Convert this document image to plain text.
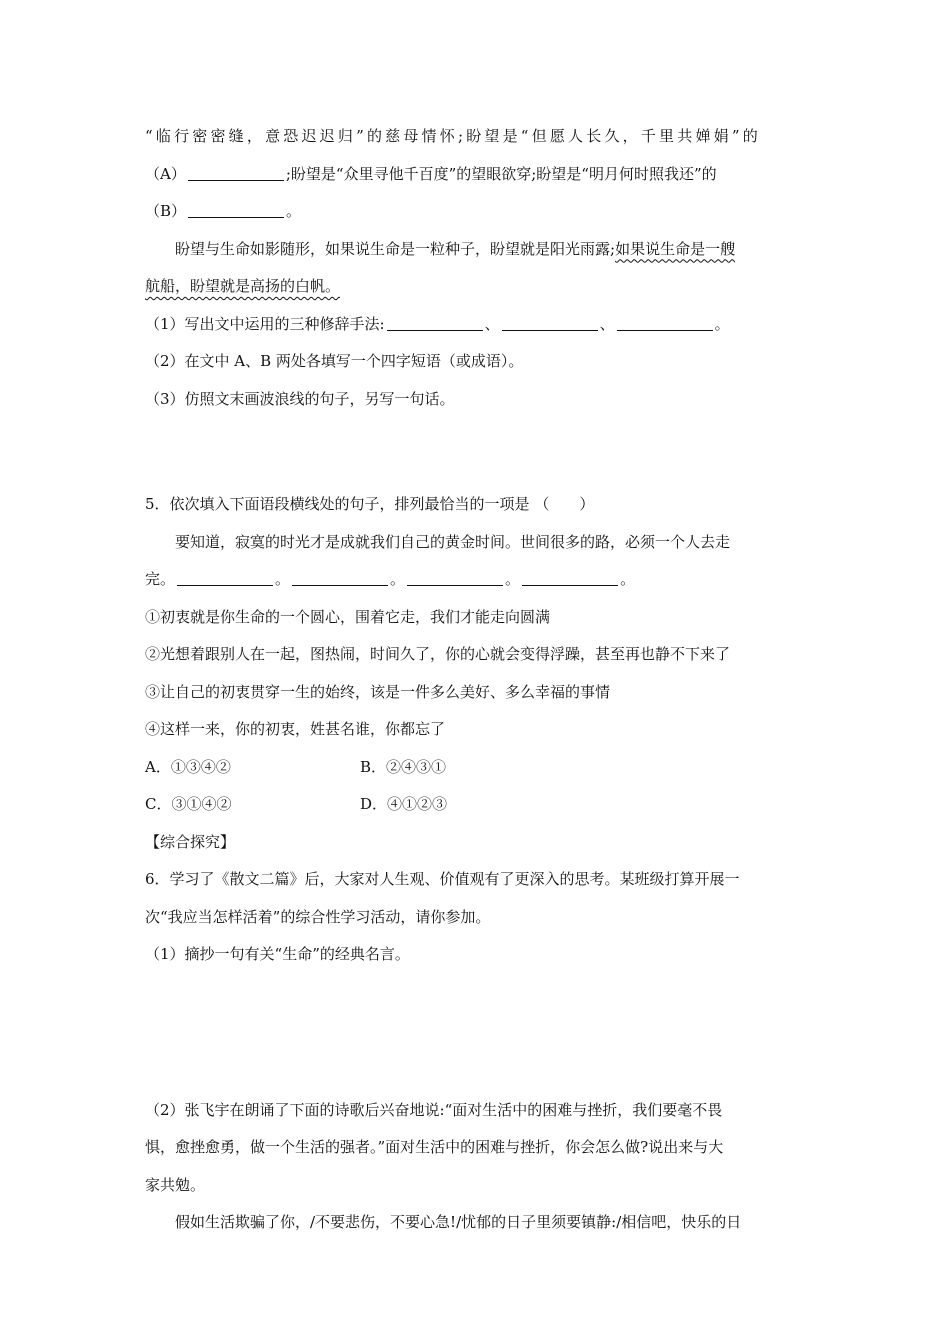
“临行密密缝，意恐迟迟归”的慈母情怀;盼望是“但愿人长久，千里共婵娟”的
（A）	;盼望是“众里寻他千百度”的望眼欲穿;盼望是“明月何时照我还”的
（B）	。
盼望与生命如影随形，如果说生命是一粒种子，盼望就是阳光雨露;如果说生命是一艘
航船，盼望就是高扬的白帆。
（1）写出文中运用的三种修辞手法:	、	、	。
（2）在文中 A、B 两处各填写一个四字短语（或成语）。
（3）仿照文末画波浪线的句子，另写一句话。
5．依次填入下面语段横线处的句子，排列最恰当的一项是 （　　）
要知道，寂寞的时光才是成就我们自己的黄金时间。世间很多的路，必须一个人去走
完。	。	。	。	。
①初衷就是你生命的一个圆心，围着它走，我们才能走向圆满
②光想着跟别人在一起，图热闹，时间久了，你的心就会变得浮躁，甚至再也静不下来了
③让自己的初衷贯穿一生的始终，该是一件多么美好、多么幸福的事情
④这样一来，你的初衷，姓甚名谁，你都忘了
A．①③④②	B．②④③①
C．③①④②	D．④①②③
【综合探究】
6．学习了《散文二篇》后，大家对人生观、价值观有了更深入的思考。某班级打算开展一
次“我应当怎样活着”的综合性学习活动，请你参加。
（1）摘抄一句有关“生命”的经典名言。
（2）张飞宇在朗诵了下面的诗歌后兴奋地说:“面对生活中的困难与挫折，我们要毫不畏
惧，愈挫愈勇，做一个生活的强者。”面对生活中的困难与挫折，你会怎么做?说出来与大
家共勉。
假如生活欺骗了你，/不要悲伤，不要心急!/忧郁的日子里须要镇静:/相信吧，快乐的日
